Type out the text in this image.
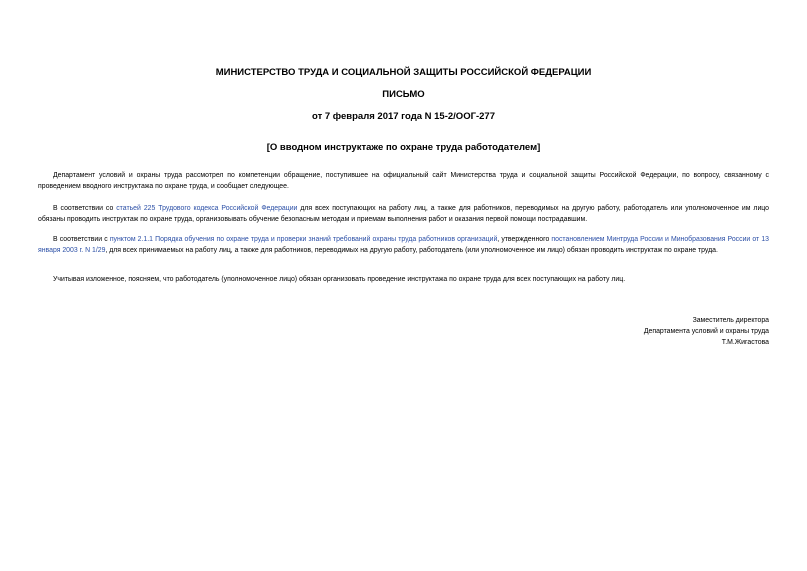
МИНИСТЕРСТВО ТРУДА И СОЦИАЛЬНОЙ ЗАЩИТЫ РОССИЙСКОЙ ФЕДЕРАЦИИ

ПИСЬМО

от 7 февраля 2017 года N 15-2/ООГ-277

[О вводном инструктаже по охране труда работодателем]

Департамент условий и охраны труда рассмотрел по компетенции обращение, поступившее на официальный сайт Министерства труда и социальной защиты Российской Федерации, по вопросу, связанному с проведением вводного инструктажа по охране труда, и сообщает следующее.

В соответствии со статьей 225 Трудового кодекса Российской Федерации для всех поступающих на работу лиц, а также для работников, переводимых на другую работу, работодатель или уполномоченное им лицо обязаны проводить инструктаж по охране труда, организовывать обучение безопасным методам и приемам выполнения работ и оказания первой помощи пострадавшим.

В соответствии с пунктом 2.1.1 Порядка обучения по охране труда и проверки знаний требований охраны труда работников организаций, утвержденного постановлением Минтруда России и Минобразования России от 13 января 2003 г. N 1/29, для всех принимаемых на работу лиц, а также для работников, переводимых на другую работу, работодатель (или уполномоченное им лицо) обязан проводить инструктаж по охране труда.

Учитывая изложенное, поясняем, что работодатель (уполномоченное лицо) обязан организовать проведение инструктажа по охране труда для всех поступающих на работу лиц.

Заместитель директора

Департамента условий и охраны труда

Т.М.Жигастова
